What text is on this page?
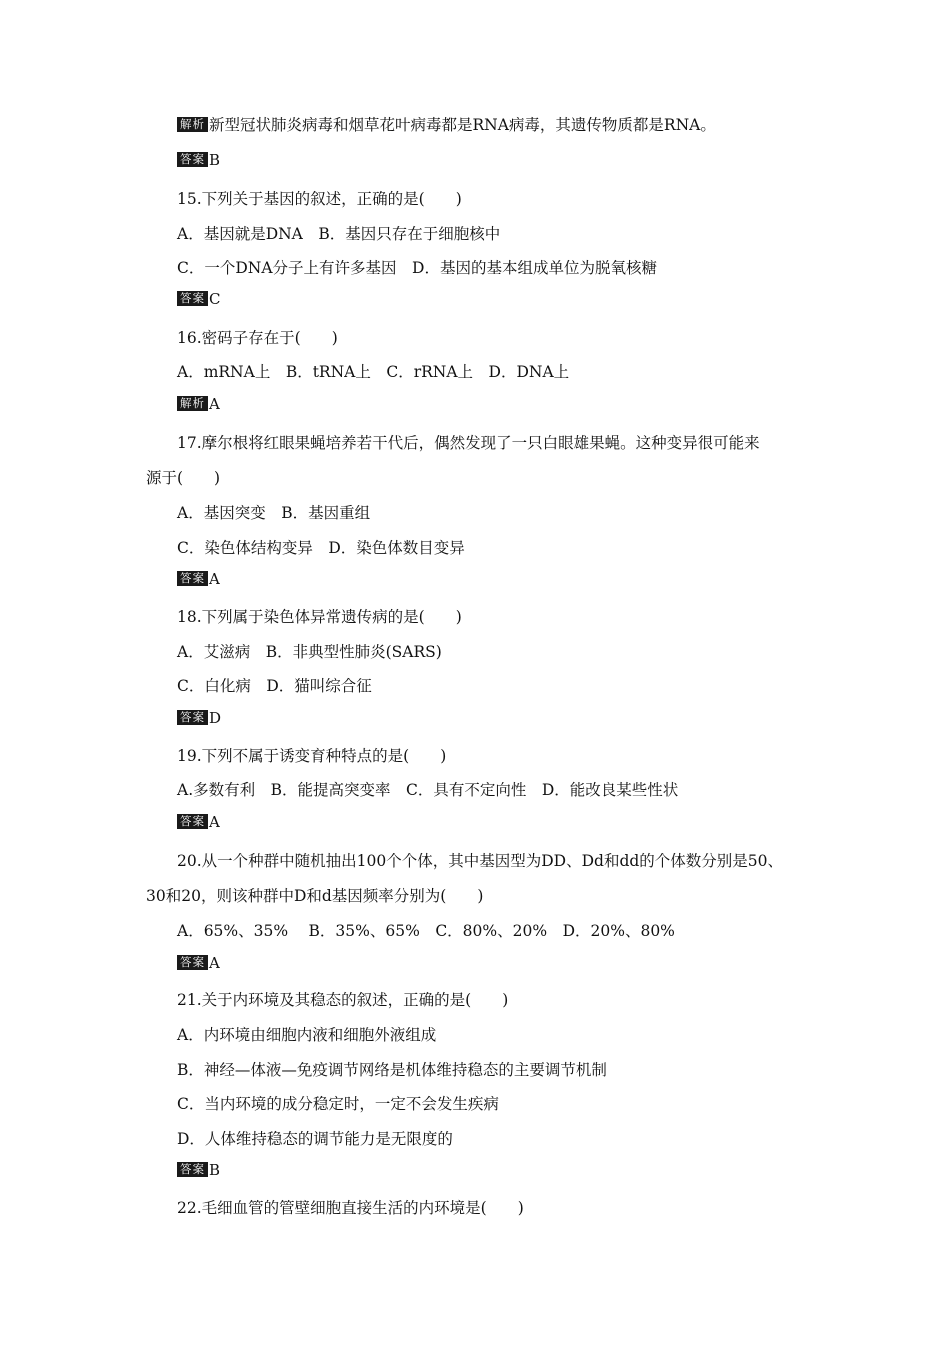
解析 新型冠状肺炎病毒和烟草花叶病毒都是RNA病毒，其遗传物质都是RNA。
答案 B
15.下列关于基因的叙述，正确的是(　　)
A．基因就是DNA　B．基因只存在于细胞核中
C．一个DNA分子上有许多基因　D．基因的基本组成单位为脱氧核糖
答案 C
16.密码子存在于(　　)
A．mRNA上　B．tRNA上　C．rRNA上　D．DNA上
解析 A
17.摩尔根将红眼果蝇培养若干代后，偶然发现了一只白眼雄果蝇。这种变异很可能来
源于(　　)
A．基因突变　B．基因重组
C．染色体结构变异　D．染色体数目变异
答案 A
18.下列属于染色体异常遗传病的是(　　)
A．艾滋病　B．非典型性肺炎(SARS)
C．白化病　D．猫叫综合征
答案 D
19.下列不属于诱变育种特点的是(　　)
A.多数有利　B．能提高突变率　C．具有不定向性　D．能改良某些性状
答案 A
20.从一个种群中随机抽出100个个体，其中基因型为DD、Dd和dd的个体数分别是50、
30和20，则该种群中D和d基因频率分别为(　　)
A．65%、35%　 B．35%、65%　C．80%、20%　D．20%、80%
答案 A
21.关于内环境及其稳态的叙述，正确的是(　　)
A．内环境由细胞内液和细胞外液组成
B．神经—体液—免疫调节网络是机体维持稳态的主要调节机制
C．当内环境的成分稳定时，一定不会发生疾病
D．人体维持稳态的调节能力是无限度的
答案 B
22.毛细血管的管壁细胞直接生活的内环境是(　　)
